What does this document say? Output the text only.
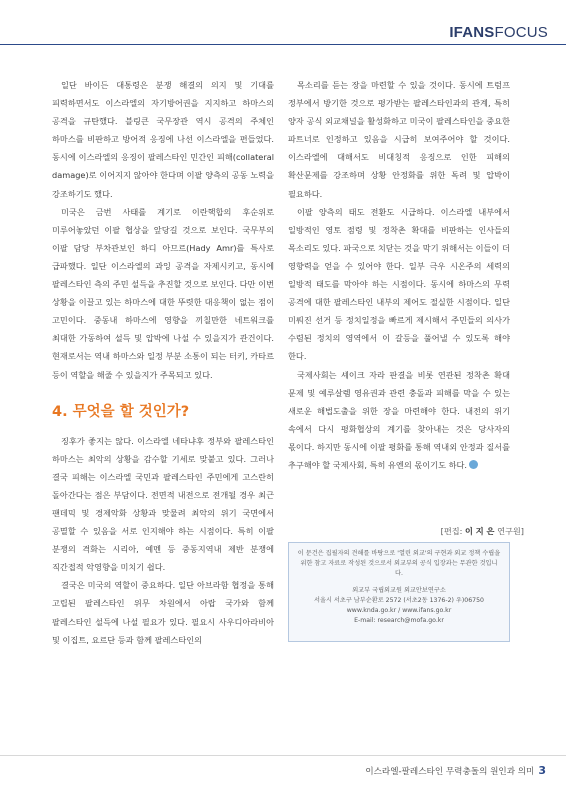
IFANSFOCUS

일단 바이든 대통령은 분쟁 해결의 의지 및 기대를 피력하면서도 이스라엘의 자기방어권을 지지하고 하마스의 공격을 규탄했다. 블링큰 국무장관 역시 공격의 주체인 하마스를 비판하고 방어적 응징에 나선 이스라엘을 편들었다. 동시에 이스라엘의 응징이 팔레스타인 민간인 피해(collateral damage)로 이어지지 않아야 한다며 이팔 양측의 공동 노력을 강조하기도 했다.

미국은 금번 사태를 계기로 이란핵합의 후순위로 미루어놓았던 이팔 협상을 앞당길 것으로 보인다. 국무부의 이팔 담당 부차관보인 하디 아므르(Hady Amr)를 특사로 급파했다. 일단 이스라엘의 과잉 공격을 자제시키고, 동시에 팔레스타인 측의 주민 설득을 추진할 것으로 보인다. 다만 이번 상황을 이끌고 있는 하마스에 대한 뚜렷한 대응책이 없는 점이 고민이다. 중동내 하마스에 영향을 끼칠만한 네트워크를 최대한 가동하여 설득 및 압박에 나설 수 있을지가 관건이다. 현재로서는 역내 하마스와 일정 부분 소통이 되는 터키, 카타르 등이 역할을 해줄 수 있을지가 주목되고 있다.

4. 무엇을 할 것인가?

징후가 좋지는 않다. 이스라엘 네타냐후 정부와 팔레스타인 하마스는 최악의 상황을 감수할 기세로 맞붙고 있다. 그러나 결국 피해는 이스라엘 국민과 팔레스타인 주민에게 고스란히 돌아간다는 점은 부담이다. 전면적 내전으로 전개될 경우 최근 팬데믹 및 경제악화 상황과 맞물려 최악의 위기 국면에서 공멸할 수 있음을 서로 인지해야 하는 시점이다. 특히 이팔 분쟁의 격화는 시리아, 예멘 등 중동지역내 제반 분쟁에 직간접적 악영향을 미치기 쉽다.

결국은 미국의 역할이 중요하다. 일단 아브라함 협정을 통해 고립된 팔레스타인 위무 차원에서 아랍 국가와 함께 팔레스타인 설득에 나설 필요가 있다. 필요시 사우디아라비아 및 이집트, 요르단 등과 함께 팔레스타인의

목소리를 듣는 장을 마련할 수 있을 것이다. 동시에 트럼프 정부에서 방기한 것으로 평가받는 팔레스타인과의 관계, 특히 양자 공식 외교채널을 활성화하고 미국이 팔레스타인을 중요한 파트너로 인정하고 있음을 시급히 보여주어야 할 것이다. 이스라엘에 대해서도 비대칭적 응징으로 인한 피해의 확산문제를 강조하며 상황 안정화를 위한 독려 및 압박이 필요하다.

이팔 양측의 태도 전환도 시급하다. 이스라엘 내부에서 일방적인 영토 점령 및 정착촌 확대를 비판하는 인사들의 목소리도 있다. 파국으로 치닫는 것을 막기 위해서는 이들이 더 영향력을 얻을 수 있어야 한다. 일부 극우 시온주의 세력의 일방적 태도를 막아야 하는 시점이다. 동시에 하마스의 무력 공격에 대한 팔레스타인 내부의 제어도 절실한 시점이다. 일단 미뤄진 선거 등 정치일정을 빠르게 제시해서 주민들의 의사가 수렴된 정치의 영역에서 이 갈등을 풀어낼 수 있도록 해야 한다.

국제사회는 셰이크 자라 판결을 비롯 연관된 정착촌 확대 문제 및 예루살렘 영유권과 관련 충돌과 피해를 막을 수 있는 새로운 해법도출을 위한 장을 마련해야 한다. 내전의 위기 속에서 다시 평화협상의 계기를 찾아내는 것은 당사자의 몫이다. 하지만 동시에 이팔 평화를 통해 역내외 안정과 질서를 추구해야 할 국제사회, 특히 유엔의 몫이기도 하다.

[편집: 이 지 은 연구원]
이 문건은 집필자의 견해를 바탕으로 '열린 외교'의 구현과 외교 정책 수립을 위한 참고 자료로 작성된 것으로서 외교부의 공식 입장과는 무관한 것입니다.
외교부 국립외교원 외교안보연구소
서울시 서초구 남부순환로 2572 (서초2동 1376-2) 우)06750
www.knda.go.kr / www.ifans.go.kr
E-mail: research@mofa.go.kr
이스라엘-팔레스타인 무력충돌의 원인과 의미 3
